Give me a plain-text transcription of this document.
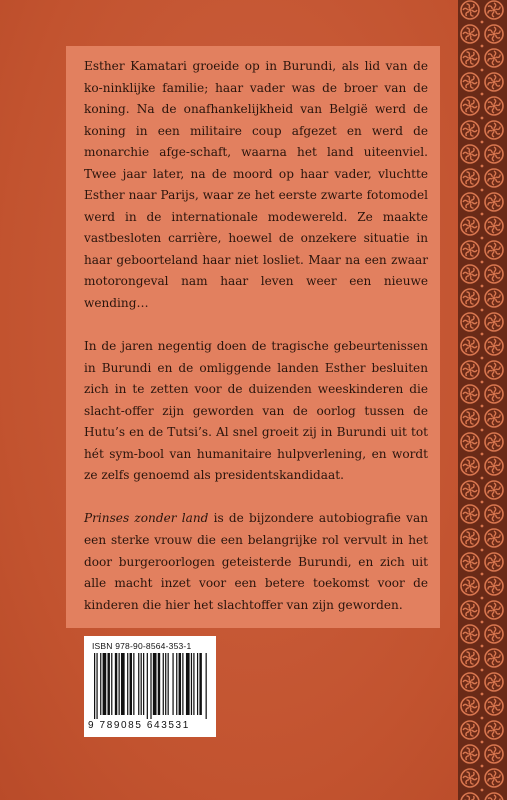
Esther Kamatari groeide op in Burundi, als lid van de ko-ninklijke familie; haar vader was de broer van de koning. Na de onafhankelijkheid van België werd de koning in een militaire coup afgezet en werd de monarchie afge-schaft, waarna het land uiteenviel. Twee jaar later, na de moord op haar vader, vluchtte Esther naar Parijs, waar ze het eerste zwarte fotomodel werd in de internationale modewereld. Ze maakte vastbesloten carrière, hoewel de onzekere situatie in haar geboorteland haar niet losliet. Maar na een zwaar motorongeval nam haar leven weer een nieuwe wending…

In de jaren negentig doen de tragische gebeurtenissen in Burundi en de omliggende landen Esther besluiten zich in te zetten voor de duizenden weeskinderen die slacht-offer zijn geworden van de oorlog tussen de Hutu’s en de Tutsi’s. Al snel groeit zij in Burundi uit tot hét sym-bool van humanitaire hulpverlening, en wordt ze zelfs genoemd als presidentskandidaat.

Prinses zonder land is de bijzondere autobiografie van een sterke vrouw die een belangrijke rol vervult in het door burgeroorlogen geteisterde Burundi, en zich uit alle macht inzet voor een betere toekomst voor de kinderen die hier het slachtoffer van zijn geworden.

ISBN 978-90-8564-353-1
9 789085 643531
